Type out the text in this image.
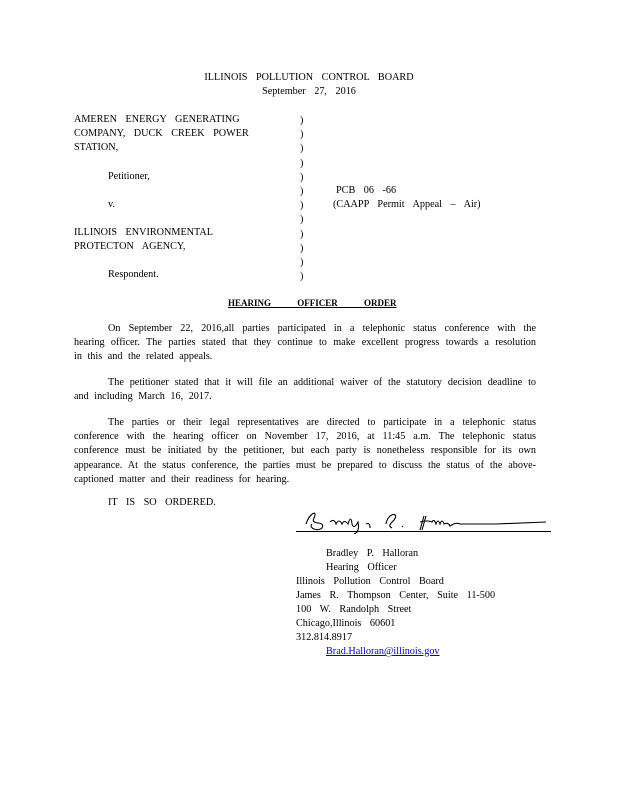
ILLINOIS POLLUTION CONTROL BOARD
September 27, 2016
AMEREN ENERGY GENERATING
COMPANY, DUCK CREEK POWER
STATION,
Petitioner,
v.
ILLINOIS ENVIRONMENTAL
PROTECTON AGENCY,
Respondent.
)
)
)
)
)
)
)
)
)
)
)
)
PCB 06 -66
(CAAPP Permit Appeal – Air)
HEARING OFFICER ORDER
On September 22, 2016,all parties participated in a telephonic status conference with the hearing officer. The parties stated that they continue to make excellent progress towards a resolution in this and the related appeals.
The petitioner stated that it will file an additional waiver of the statutory decision deadline to and including March 16, 2017.
The parties or their legal representatives are directed to participate in a telephonic status conference with the hearing officer on November 17, 2016, at 11:45 a.m. The telephonic status conference must be initiated by the petitioner, but each party is nonetheless responsible for its own appearance. At the status conference, the parties must be prepared to discuss the status of the above- captioned matter and their readiness for hearing.
IT IS SO ORDERED.
Bradley P. Halloran
Hearing Officer
Illinois Pollution Control Board
James R. Thompson Center, Suite 11-500
100 W. Randolph Street
Chicago,Illinois 60601
312.814.8917
Brad.Halloran@illinois.gov
